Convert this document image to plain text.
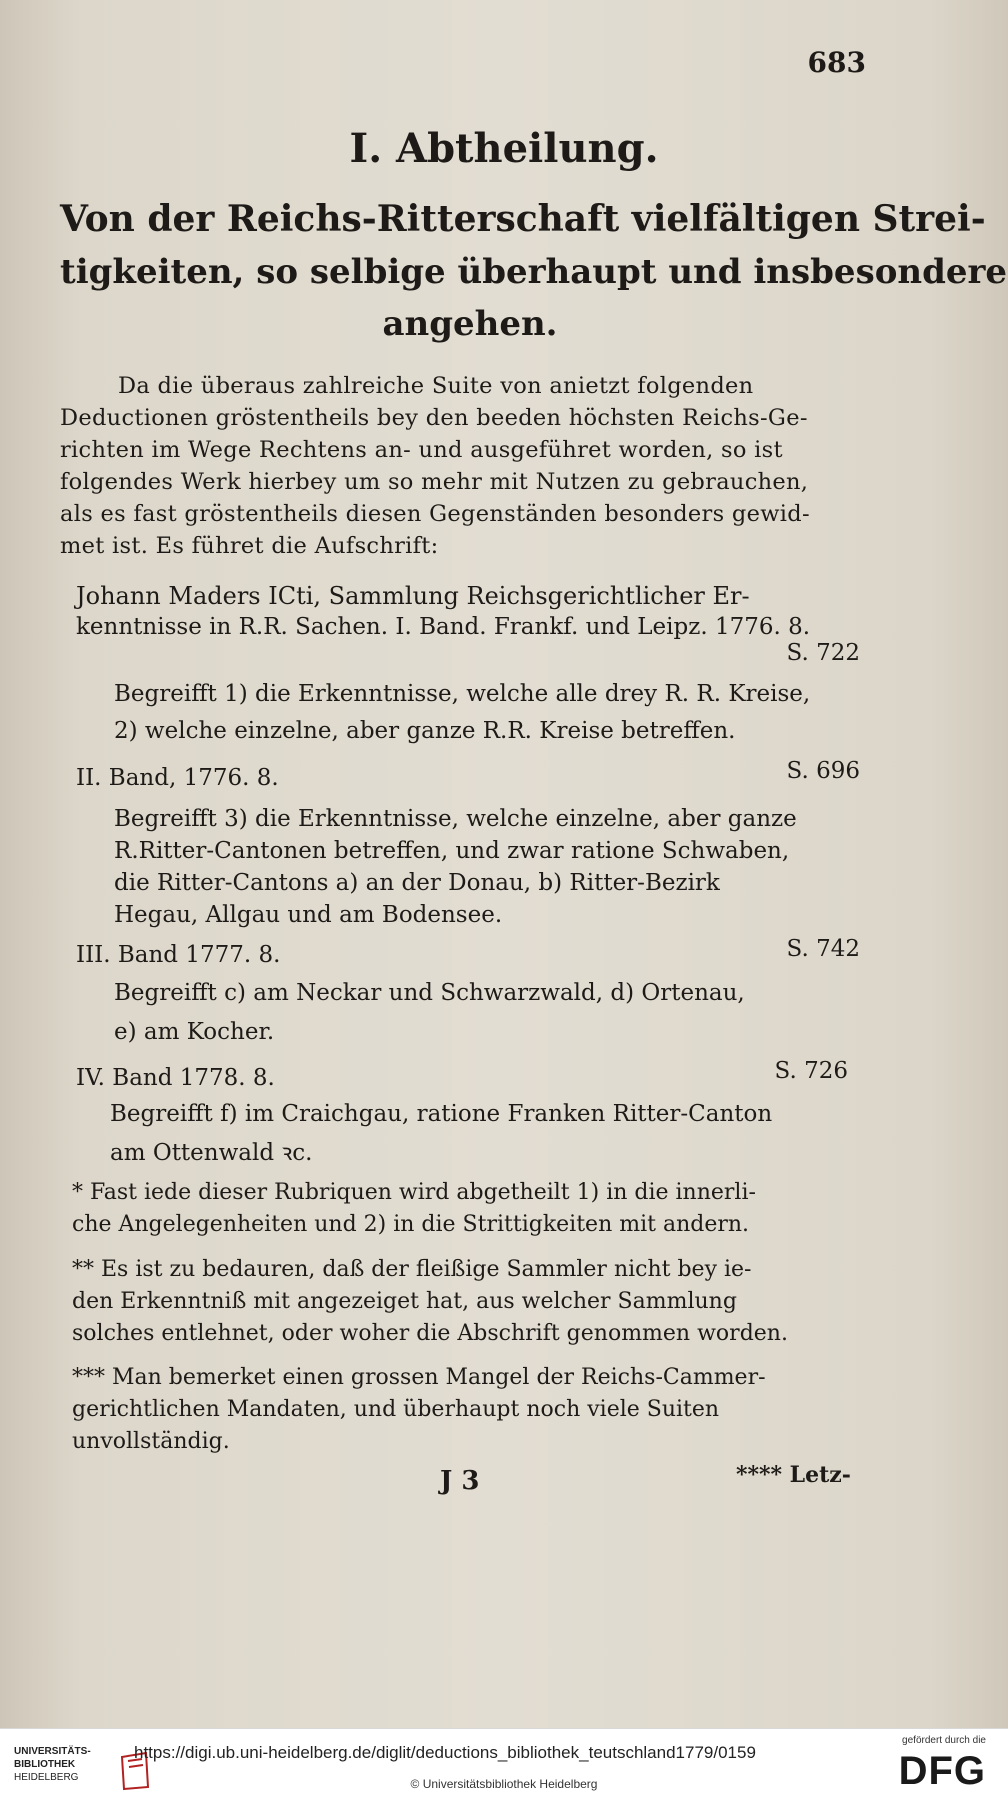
683
I. Abtheilung.
Von der Reichs-Ritterschaft vielfältigen Strei-
tigkeiten, so selbige überhaupt und insbesondere
angehen.
Da die überaus zahlreiche Suite von anietzt folgenden
Deductionen gröstentheils bey den beeden höchsten Reichs-Ge-
richten im Wege Rechtens an- und ausgeführet worden, so ist
folgendes Werk hierbey um so mehr mit Nutzen zu gebrauchen,
als es fast gröstentheils diesen Gegenständen besonders gewid-
met ist. Es führet die Aufschrift:
Johann Maders ICti, Sammlung Reichsgerichtlicher Er-
kenntnisse in R.R. Sachen. I. Band. Frankf. und Leipz. 1776. 8.
S. 722
Begreifft 1) die Erkenntnisse, welche alle drey R. R. Kreise,
2) welche einzelne, aber ganze R.R. Kreise betreffen.
II. Band, 1776. 8.	S. 696
Begreifft 3) die Erkenntnisse, welche einzelne, aber ganze
R.Ritter-Cantonen betreffen, und zwar ratione Schwaben,
die Ritter-Cantons a) an der Donau, b) Ritter-Bezirk
Hegau, Allgau und am Bodensee.
III. Band 1777. 8.	S. 742
Begreifft c) am Neckar und Schwarzwald, d) Ortenau,
e) am Kocher.
IV. Band 1778. 8.	S. 726
Begreifft f) im Craichgau, ratione Franken Ritter-Canton
am Ottenwald ꝛc.
* Fast iede dieser Rubriquen wird abgetheilt 1) in die innerli-
che Angelegenheiten und 2) in die Strittigkeiten mit andern.
** Es ist zu bedauren, daß der fleißige Sammler nicht bey ie-
den Erkenntniß mit angezeiget hat, aus welcher Sammlung
solches entlehnet, oder woher die Abschrift genommen worden.
*** Man bemerket einen grossen Mangel der Reichs-Cammer-
gerichtlichen Mandaten, und überhaupt noch viele Suiten
unvollständig.
J 3	**** Letz-
UNIVERSITÄTS-
BIBLIOTHEK
HEIDELBERG
https://digi.ub.uni-heidelberg.de/diglit/deductions_bibliothek_teutschland1779/0159
© Universitätsbibliothek Heidelberg
gefördert durch die
DFG
